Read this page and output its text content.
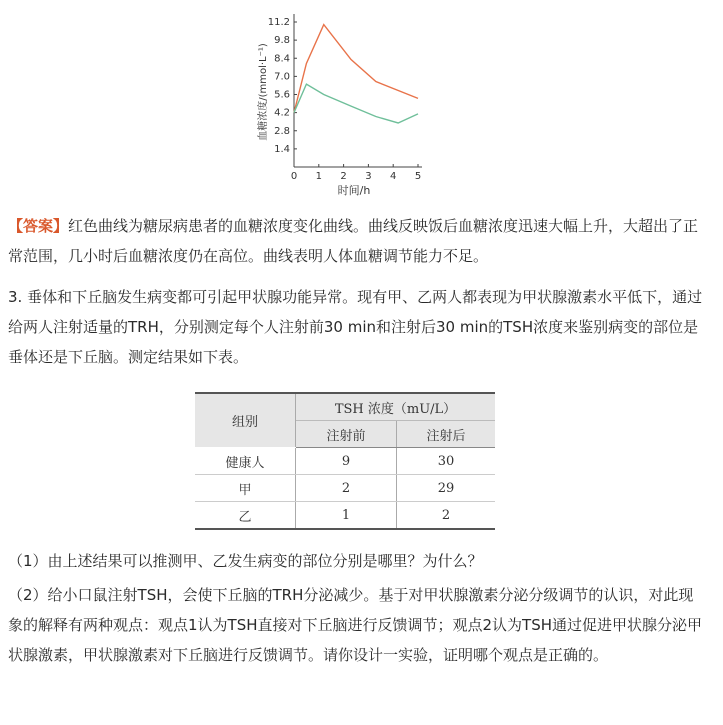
0 1 2 3 4 5
1.4
2.8
4.2
5.6
7.0
8.4
9.8
11.2
时间/h
血糖浓度/(mmol·L⁻¹)
【答案】红色曲线为糖尿病患者的血糖浓度变化曲线。曲线反映饭后血糖浓度迅速大幅上升，大超出了正常范围，几小时后血糖浓度仍在高位。曲线表明人体血糖调节能力不足。
3. 垂体和下丘脑发生病变都可引起甲状腺功能异常。现有甲、乙两人都表现为甲状腺激素水平低下，通过给两人注射适量的TRH，分别测定每个人注射前30 min和注射后30 min的TSH浓度来鉴别病变的部位是垂体还是下丘脑。测定结果如下表。
组别	TSH 浓度（mU/L）	
	注射前	注射后
健康人	9	30
甲	2	29
乙	1	2
（1）由上述结果可以推测甲、乙发生病变的部位分别是哪里？为什么？
（2）给小口鼠注射TSH，会使下丘脑的TRH分泌减少。基于对甲状腺激素分泌分级调节的认识，对此现象的解释有两种观点：观点1认为TSH直接对下丘脑进行反馈调节；观点2认为TSH通过促进甲状腺分泌甲状腺激素，甲状腺激素对下丘脑进行反馈调节。请你设计一实验，证明哪个观点是正确的。
